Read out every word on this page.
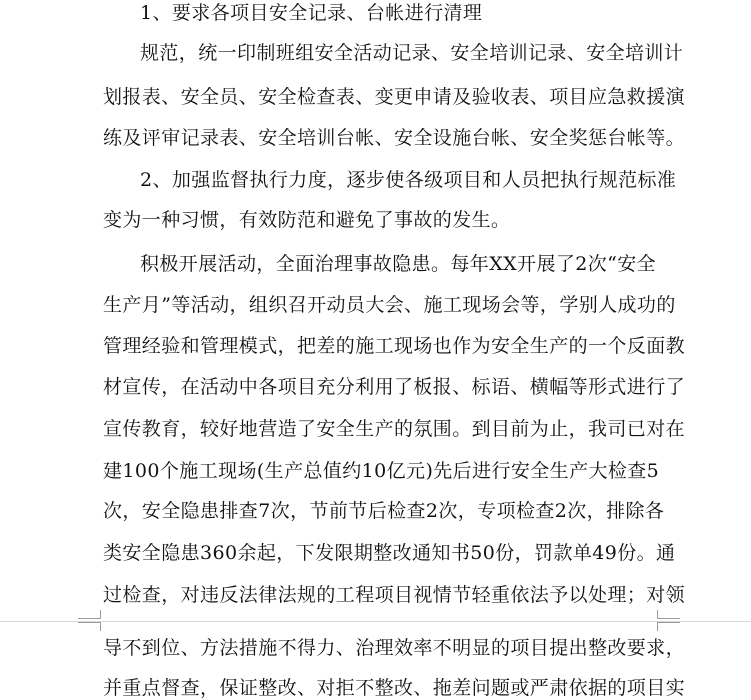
1、要求各项目安全记录、台帐进行清理
规范，统一印制班组安全活动记录、安全培训记录、安全培训计
划报表、安全员、安全检查表、变更申请及验收表、项目应急救援演
练及评审记录表、安全培训台帐、安全设施台帐、安全奖惩台帐等。
2、加强监督执行力度，逐步使各级项目和人员把执行规范标准
变为一种习惯，有效防范和避免了事故的发生。
积极开展活动，全面治理事故隐患。每年XX开展了2次“安全
生产月”等活动，组织召开动员大会、施工现场会等，学别人成功的
管理经验和管理模式，把差的施工现场也作为安全生产的一个反面教
材宣传，在活动中各项目充分利用了板报、标语、横幅等形式进行了
宣传教育，较好地营造了安全生产的氛围。到目前为止，我司已对在
建100个施工现场(生产总值约10亿元)先后进行安全生产大检查5
次，安全隐患排查7次，节前节后检查2次，专项检查2次，排除各
类安全隐患360余起，下发限期整改通知书50份，罚款单49份。通
过检查，对违反法律法规的工程项目视情节轻重依法予以处理；对领
导不到位、方法措施不得力、治理效率不明显的项目提出整改要求，
并重点督查，保证整改、对拒不整改、拖差问题或严肃依据的项目实
